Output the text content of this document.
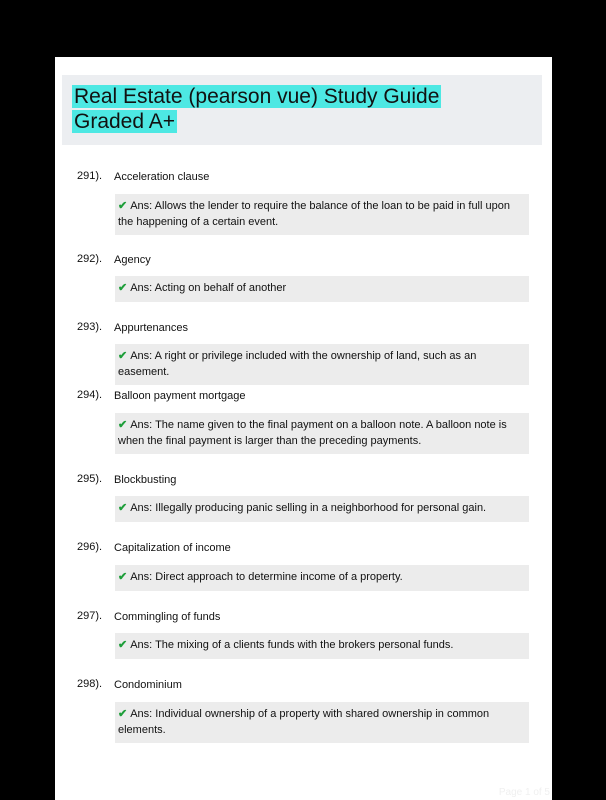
Real Estate (pearson vue) Study Guide Graded A+
291). Acceleration clause
✔ Ans: Allows the lender to require the balance of the loan to be paid in full upon the happening of a certain event.
292). Agency
✔ Ans: Acting on behalf of another
293). Appurtenances
✔ Ans: A right or privilege included with the ownership of land, such as an easement.
294). Balloon payment mortgage
✔ Ans: The name given to the final payment on a balloon note. A balloon note is when the final payment is larger than the preceding payments.
295). Blockbusting
✔ Ans: Illegally producing panic selling in a neighborhood for personal gain.
296). Capitalization of income
✔ Ans: Direct approach to determine income of a property.
297). Commingling of funds
✔ Ans: The mixing of a clients funds with the brokers personal funds.
298). Condominium
✔ Ans: Individual ownership of a property with shared ownership in common elements.
Page 1 of 5
